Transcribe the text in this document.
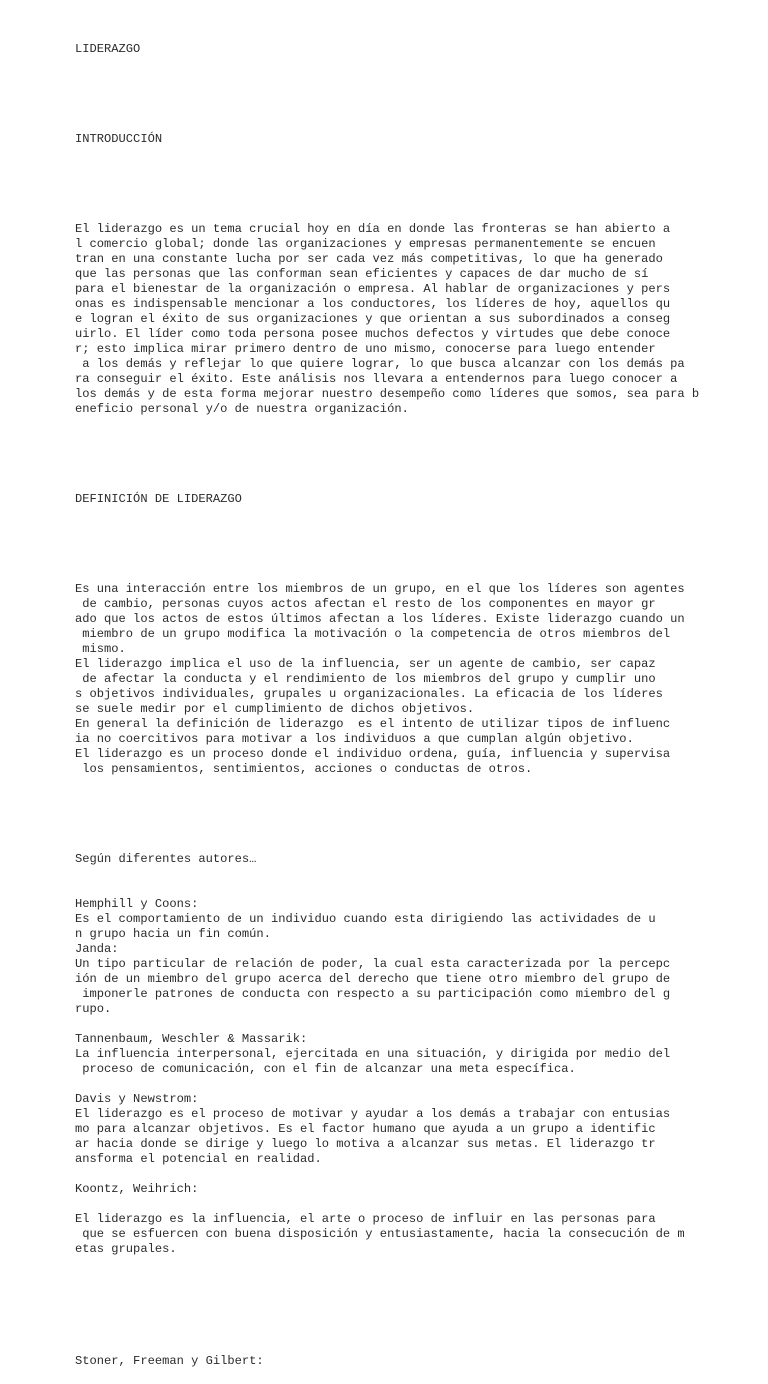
LIDERAZGO

INTRODUCCIÓN

El liderazgo es un tema crucial hoy en día en donde las fronteras se han abierto a
l comercio global; donde las organizaciones y empresas permanentemente se encuen
tran en una constante lucha por ser cada vez más competitivas, lo que ha generado
que las personas que las conforman sean eficientes y capaces de dar mucho de sí
para el bienestar de la organización o empresa. Al hablar de organizaciones y pers
onas es indispensable mencionar a los conductores, los líderes de hoy, aquellos qu
e logran el éxito de sus organizaciones y que orientan a sus subordinados a conseg
uirlo. El líder como toda persona posee muchos defectos y virtudes que debe conoce
r; esto implica mirar primero dentro de uno mismo, conocerse para luego entender
a los demás y reflejar lo que quiere lograr, lo que busca alcanzar con los demás pa
ra conseguir el éxito. Este análisis nos llevara a entendernos para luego conocer a
los demás y de esta forma mejorar nuestro desempeño como líderes que somos, sea para b
eneficio personal y/o de nuestra organización.

DEFINICIÓN DE LIDERAZGO

Es una interacción entre los miembros de un grupo, en el que los líderes son agentes
de cambio, personas cuyos actos afectan el resto de los componentes en mayor gr
ado que los actos de estos últimos afectan a los líderes. Existe liderazgo cuando un
miembro de un grupo modifica la motivación o la competencia de otros miembros del
mismo.
El liderazgo implica el uso de la influencia, ser un agente de cambio, ser capaz
de afectar la conducta y el rendimiento de los miembros del grupo y cumplir uno
s objetivos individuales, grupales u organizacionales. La eficacia de los líderes
se suele medir por el cumplimiento de dichos objetivos.
En general la definición de liderazgo  es el intento de utilizar tipos de influenc
ia no coercitivos para motivar a los individuos a que cumplan algún objetivo.
El liderazgo es un proceso donde el individuo ordena, guía, influencia y supervisa
los pensamientos, sentimientos, acciones o conductas de otros.

Según diferentes autores…

Hemphill y Coons:
Es el comportamiento de un individuo cuando esta dirigiendo las actividades de u
n grupo hacia un fin común.
Janda:
Un tipo particular de relación de poder, la cual esta caracterizada por la percepc
ión de un miembro del grupo acerca del derecho que tiene otro miembro del grupo de
imponerle patrones de conducta con respecto a su participación como miembro del g
rupo.
Tannenbaum, Weschler & Massarik:
La influencia interpersonal, ejercitada en una situación, y dirigida por medio del
proceso de comunicación, con el fin de alcanzar una meta específica.
Davis y Newstrom:
El liderazgo es el proceso de motivar y ayudar a los demás a trabajar con entusias
mo para alcanzar objetivos. Es el factor humano que ayuda a un grupo a identific
ar hacia donde se dirige y luego lo motiva a alcanzar sus metas. El liderazgo tr
ansforma el potencial en realidad.
Koontz, Weihrich:
El liderazgo es la influencia, el arte o proceso de influir en las personas para
que se esfuercen con buena disposición y entusiastamente, hacia la consecución de m
etas grupales.
Stoner, Freeman y Gilbert:
